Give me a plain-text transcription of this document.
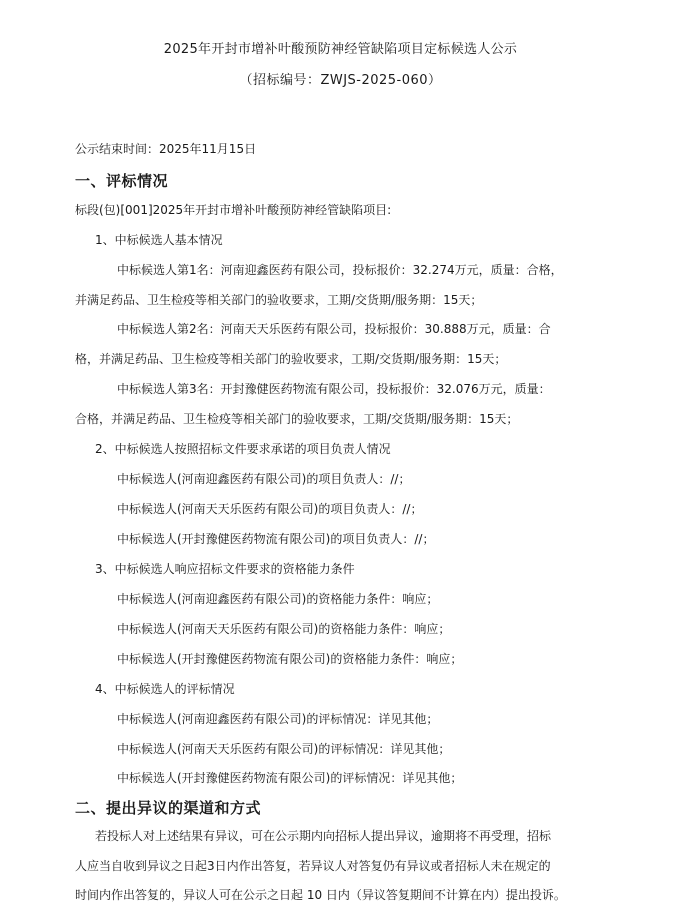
2025年开封市增补叶酸预防神经管缺陷项目定标候选人公示
（招标编号：ZWJS-2025-060）
公示结束时间：2025年11月15日
一、评标情况
标段(包)[001]2025年开封市增补叶酸预防神经管缺陷项目:
1、中标候选人基本情况
中标候选人第1名：河南迎鑫医药有限公司，投标报价：32.274万元，质量：合格，
并满足药品、卫生检疫等相关部门的验收要求，工期/交货期/服务期：15天；
中标候选人第2名：河南天天乐医药有限公司，投标报价：30.888万元，质量：合
格，并满足药品、卫生检疫等相关部门的验收要求，工期/交货期/服务期：15天；
中标候选人第3名：开封豫健医药物流有限公司，投标报价：32.076万元，质量：
合格，并满足药品、卫生检疫等相关部门的验收要求，工期/交货期/服务期：15天；
2、中标候选人按照招标文件要求承诺的项目负责人情况
中标候选人(河南迎鑫医药有限公司)的项目负责人：//；
中标候选人(河南天天乐医药有限公司)的项目负责人：//；
中标候选人(开封豫健医药物流有限公司)的项目负责人：//；
3、中标候选人响应招标文件要求的资格能力条件
中标候选人(河南迎鑫医药有限公司)的资格能力条件：响应；
中标候选人(河南天天乐医药有限公司)的资格能力条件：响应；
中标候选人(开封豫健医药物流有限公司)的资格能力条件：响应；
4、中标候选人的评标情况
中标候选人(河南迎鑫医药有限公司)的评标情况：详见其他；
中标候选人(河南天天乐医药有限公司)的评标情况：详见其他；
中标候选人(开封豫健医药物流有限公司)的评标情况：详见其他；
二、提出异议的渠道和方式
若投标人对上述结果有异议，可在公示期内向招标人提出异议，逾期将不再受理，招标
人应当自收到异议之日起3日内作出答复，若异议人对答复仍有异议或者招标人未在规定的
时间内作出答复的，异议人可在公示之日起 10 日内（异议答复期间不计算在内）提出投诉。
